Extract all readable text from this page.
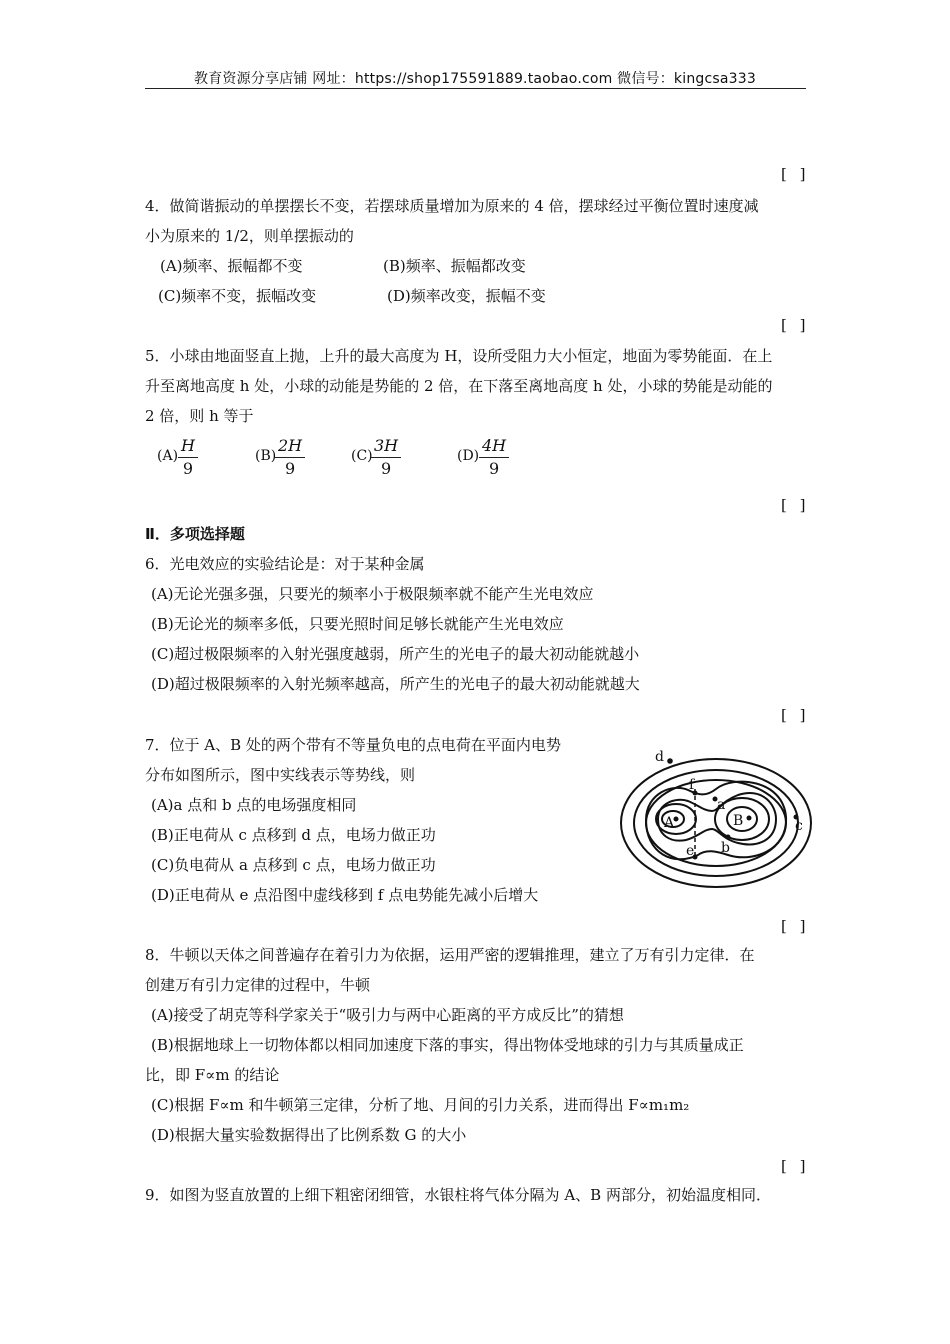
教育资源分享店铺 网址：https://shop175591889.taobao.com 微信号：kingcsa333
[ ]
4．做简谐振动的单摆摆长不变，若摆球质量增加为原来的 4 倍，摆球经过平衡位置时速度减
小为原来的 1/2，则单摆振动的
(A)频率、振幅都不变	(B)频率、振幅都改变
(C)频率不变，振幅改变	(D)频率改变，振幅不变
[ ]
5．小球由地面竖直上抛，上升的最大高度为 H，设所受阻力大小恒定，地面为零势能面．在上
升至离地高度 h 处，小球的动能是势能的 2 倍，在下落至离地高度 h 处，小球的势能是动能的
2 倍，则 h 等于
$(A) \frac{H}{9}$	(B)
$\frac{2H}{9}$	(C)
$\frac{3H}{9}$	$(D) \frac{4H}{9}$
[ ]
Ⅱ．多项选择题
6．光电效应的实验结论是：对于某种金属
(A)无论光强多强，只要光的频率小于极限频率就不能产生光电效应
(B)无论光的频率多低，只要光照时间足够长就能产生光电效应
(C)超过极限频率的入射光强度越弱，所产生的光电子的最大初动能就越小
(D)超过极限频率的入射光频率越高，所产生的光电子的最大初动能就越大
[ ]
7．位于 A、B 处的两个带有不等量负电的点电荷在平面内电势
分布如图所示，图中实线表示等势线，则
(A)a 点和 b 点的电场强度相同
(B)正电荷从 c 点移到 d 点，电场力做正功
(C)负电荷从 a 点移到 c 点，电场力做正功
(D)正电荷从 e 点沿图中虚线移到 f 点电势能先减小后增大
d
f
a
A	B	c
b
e
[ ]
8．牛顿以天体之间普遍存在着引力为依据，运用严密的逻辑推理，建立了万有引力定律．在
创建万有引力定律的过程中，牛顿
(A)接受了胡克等科学家关于“吸引力与两中心距离的平方成反比”的猜想
(B)根据地球上一切物体都以相同加速度下落的事实，得出物体受地球的引力与其质量成正
比，即 F∝m 的结论
(C)根据 F∝m 和牛顿第三定律，分析了地、月间的引力关系，进而得出 F∝m₁m₂
(D)根据大量实验数据得出了比例系数 G 的大小
[ ]
9．如图为竖直放置的上细下粗密闭细管，水银柱将气体分隔为 A、B 两部分，初始温度相同．
